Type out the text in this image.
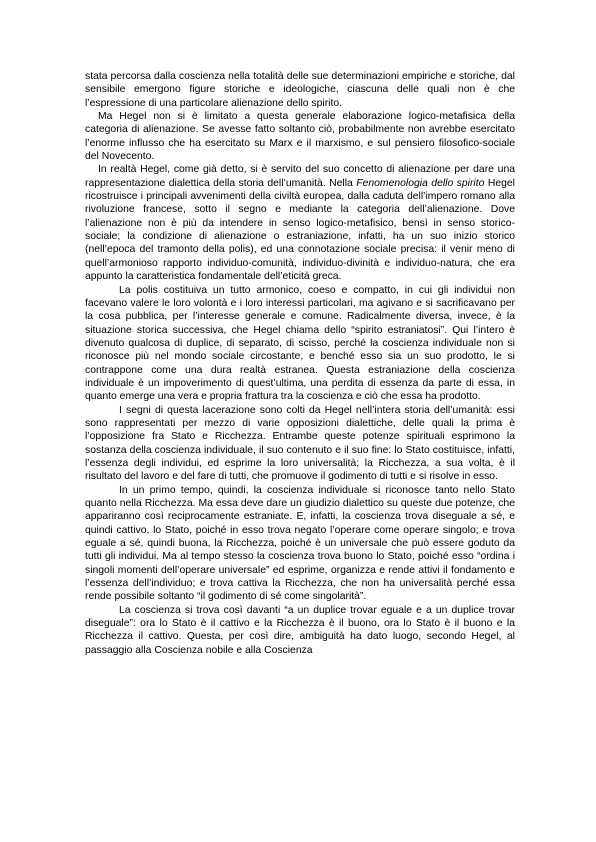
stata percorsa dalla coscienza nella totalità delle sue determinazioni empiriche e storiche, dal sensibile emergono figure storiche e ideologiche, ciascuna delle quali non è che l’espressione di una particolare alienazione dello spirito.

Ma Hegel non si è limitato a questa generale elaborazione logico-metafisica della categoria di alienazione. Se avesse fatto soltanto ciò, probabilmente non avrebbe esercitato l’enorme influsso che ha esercitato su Marx e il marxismo, e sul pensiero filosofico-sociale del Novecento.

In realtà Hegel, come già detto, si è servito del suo concetto di alienazione per dare una rappresentazione dialettica della storia dell’umanità. Nella Fenomenologia dello spirito Hegel ricostruisce i principali avvenimenti della civiltà europea, dalla caduta dell’impero romano alla rivoluzione francese, sotto il segno e mediante la categoria dell’alienazione. Dove l’alienazione non è più da intendere in senso logico-metafisico, bensì in senso storico-sociale; la condizione di alienazione o estraniazione, infatti, ha un suo inizio storico (nell’epoca del tramonto della polis), ed una connotazione sociale precisa: il venir meno di quell’armonioso rapporto individuo-comunità, individuo-divinità e individuo-natura, che era appunto la caratteristica fondamentale dell’eticità greca.

La polis costituiva un tutto armonico, coeso e compatto, in cui gli individui non facevano valere le loro volontà e i loro interessi particolari, ma agivano e si sacrificavano per la cosa pubblica, per l’interesse generale e comune. Radicalmente diversa, invece, è la situazione storica successiva, che Hegel chiama dello “spirito estraniatosi”. Qui l’intero è divenuto qualcosa di duplice, di separato, di scisso, perché la coscienza individuale non si riconosce più nel mondo sociale circostante, e benché esso sia un suo prodotto, le si contrappone come una dura realtà estranea. Questa estraniazione della coscienza individuale è un impoverimento di quest’ultima, una perdita di essenza da parte di essa, in quanto emerge una vera e propria frattura tra la coscienza e ciò che essa ha prodotto.

I segni di questa lacerazione sono colti da Hegel nell’intera storia dell’umanità: essi sono rappresentati per mezzo di varie opposizioni dialettiche, delle quali la prima è l’opposizione fra Stato e Ricchezza. Entrambe queste potenze spirituali esprimono la sostanza della coscienza individuale, il suo contenuto e il suo fine: lo Stato costituisce, infatti, l’essenza degli individui, ed esprime la loro universalità; la Ricchezza, a sua volta, è il risultato del lavoro e del fare di tutti, che promuove il godimento di tutti e si risolve in esso.

In un primo tempo, quindi, la coscienza individuale si riconosce tanto nello Stato quanto nella Ricchezza. Ma essa deve dare un giudizio dialettico su queste due potenze, che appariranno così reciprocamente estraniate. E, infatti, la coscienza trova diseguale a sé, e quindi cattivo, lo Stato, poiché in esso trova negato l’operare come operare singolo; e trova eguale a sé, quindi buona, la Ricchezza, poiché è un universale che può essere goduto da tutti gli individui. Ma al tempo stesso la coscienza trova buono lo Stato, poiché esso “ordina i singoli momenti dell’operare universale” ed esprime, organizza e rende attivi il fondamento e l’essenza dell’individuo; e trova cattiva la Ricchezza, che non ha universalità perché essa rende possibile soltanto “il godimento di sé come singolarità”.

La coscienza si trova così davanti “a un duplice trovar eguale e a un duplice trovar diseguale”: ora lo Stato è il cattivo e la Ricchezza è il buono, ora lo Stato è il buono e la Ricchezza il cattivo. Questa, per così dire, ambiguità ha dato luogo, secondo Hegel, al passaggio alla Coscienza nobile e alla Coscienza
